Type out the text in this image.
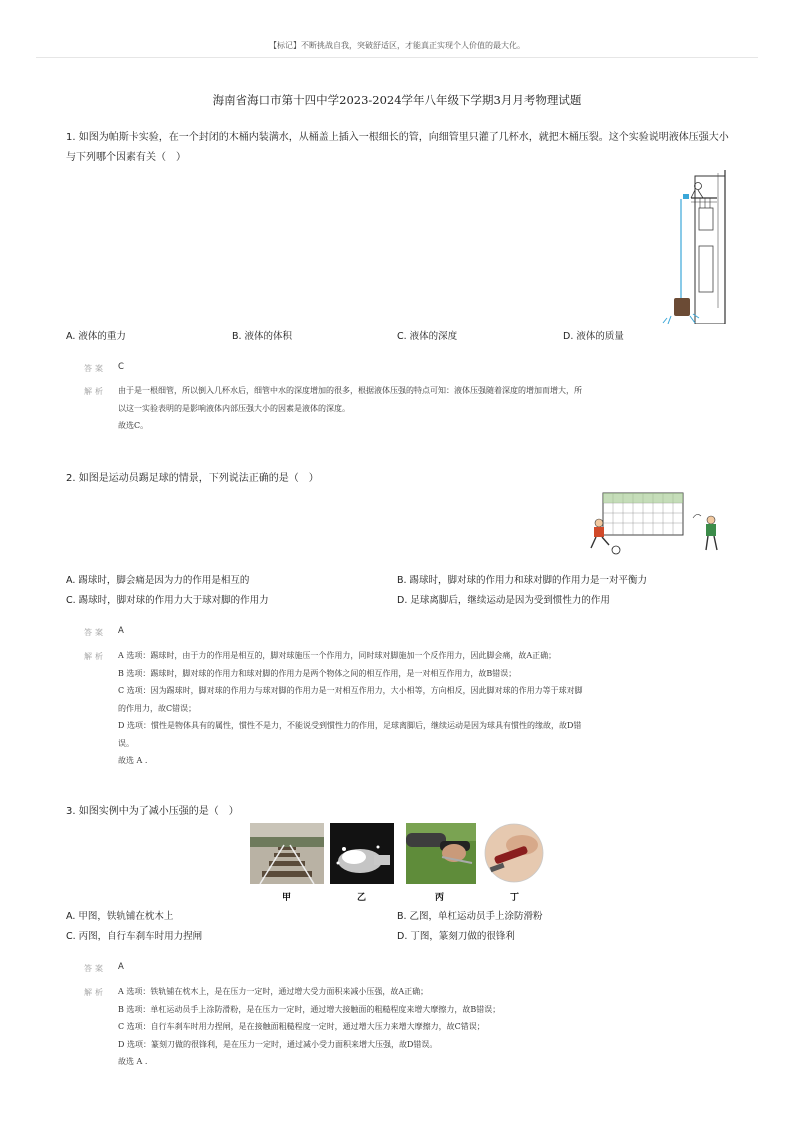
【标记】不断挑战自我，突破舒适区，才能真正实现个人价值的最大化。
海南省海口市第十四中学2023-2024学年八年级下学期3月月考物理试题
1. 如图为帕斯卡实验，在一个封闭的木桶内装满水，从桶盖上插入一根细长的管，向细管里只灌了几杯水，就把木桶压裂。这个实验说明液体压强大小与下列哪个因素有关（　）
A. 液体的重力	B. 液体的体积	C. 液体的深度	D. 液体的质量
答案 C
解析 由于是一根细管，所以倒入几杯水后，细管中水的深度增加的很多，根据液体压强的特点可知：液体压强随着深度的增加而增大，所
以这一实验表明的是影响液体内部压强大小的因素是液体的深度。
故选C。
2. 如图是运动员踢足球的情景，下列说法正确的是（　）
A. 踢球时，脚会痛是因为力的作用是相互的	B. 踢球时，脚对球的作用力和球对脚的作用力是一对平衡力
C. 踢球时，脚对球的作用力大于球对脚的作用力	D. 足球离脚后，继续运动是因为受到惯性力的作用
答案 A
解析 A 选项：踢球时，由于力的作用是相互的，脚对球施压一个作用力，同时球对脚施加一个反作用力，因此脚会痛，故A正确；
B 选项：踢球时，脚对球的作用力和球对脚的作用力是两个物体之间的相互作用，是一对相互作用力，故B错误；
C 选项：因为踢球时，脚对球的作用力与球对脚的作用力是一对相互作用力，大小相等，方向相反，因此脚对球的作用力等于球对脚
的作用力，故C错误；
D 选项：惯性是物体具有的属性，惯性不是力，不能说受到惯性力的作用，足球离脚后，继续运动是因为球具有惯性的缘故，故D错
误。
故选 A .
3. 如图实例中为了减小压强的是（　）
甲	乙	丙	丁
A. 甲图，铁轨铺在枕木上	B. 乙图，单杠运动员手上涂防滑粉
C. 丙图，自行车刹车时用力捏闸	D. 丁图，篆刻刀做的很锋利
答案 A
解析 A 选项：铁轨铺在枕木上，是在压力一定时，通过增大受力面积来减小压强，故A正确；
B 选项：单杠运动员手上涂防滑粉，是在压力一定时，通过增大接触面的粗糙程度来增大摩擦力，故B错误；
C 选项：自行车刹车时用力捏闸，是在接触面粗糙程度一定时，通过增大压力来增大摩擦力，故C错误；
D 选项：篆刻刀做的很锋利，是在压力一定时，通过减小受力面积来增大压强，故D错误。
故选 A .
